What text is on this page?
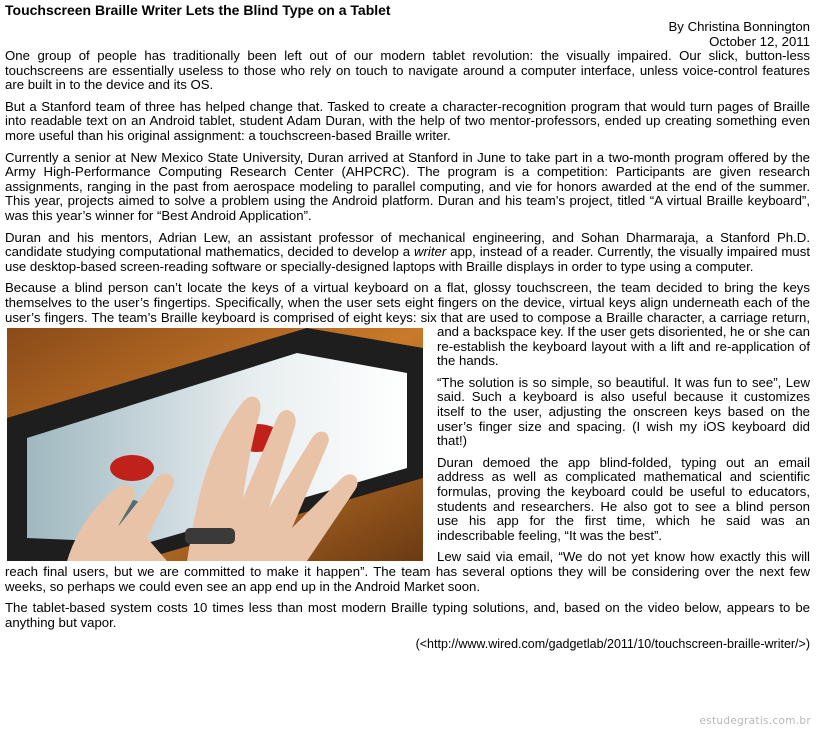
Touchscreen Braille Writer Lets the Blind Type on a Tablet
By Christina Bonnington
October 12, 2011

One group of people has traditionally been left out of our modern tablet revolution: the visually impaired. Our slick, button-less touchscreens are essentially useless to those who rely on touch to navigate around a computer interface, unless voice-control features are built in to the device and its OS.

But a Stanford team of three has helped change that. Tasked to create a character-recognition program that would turn pages of Braille into readable text on an Android tablet, student Adam Duran, with the help of two mentor-professors, ended up creating something even more useful than his original assignment: a touchscreen-based Braille writer.

Currently a senior at New Mexico State University, Duran arrived at Stanford in June to take part in a two-month program offered by the Army High-Performance Computing Research Center (AHPCRC). The program is a competition: Participants are given research assignments, ranging in the past from aerospace modeling to parallel computing, and vie for honors awarded at the end of the summer. This year, projects aimed to solve a problem using the Android platform. Duran and his team’s project, titled “A virtual Braille keyboard”, was this year’s winner for “Best Android Application”.

Duran and his mentors, Adrian Lew, an assistant professor of mechanical engineering, and Sohan Dharmaraja, a Stanford Ph.D. candidate studying computational mathematics, decided to develop a writer app, instead of a reader. Currently, the visually impaired must use desktop-based screen-reading software or specially-designed laptops with Braille displays in order to type using a computer.

Because a blind person can’t locate the keys of a virtual keyboard on a flat, glossy touchscreen, the team decided to bring the keys themselves to the user’s fingertips. Specifically, when the user sets eight fingers on the device, virtual keys align underneath each of the user’s fingers. The team’s Braille keyboard is comprised of eight keys:
six that are used to compose a Braille character, a carriage return, and a backspace key. If the user gets disoriented, he or she can re-establish the keyboard layout with a lift and re-application of the hands.

“The solution is so simple, so beautiful. It was fun to see”, Lew said. Such a keyboard is also useful because it customizes itself to the user, adjusting the onscreen keys based on the user’s finger size and spacing. (I wish my iOS keyboard did that!)

Duran demoed the app blind-folded, typing out an email address as well as complicated mathematical and scientific formulas, proving the keyboard could be useful to educators, students and researchers. He also got to see a blind person use his app for the first time, which he said was an indescribable feeling, “It was the best”.

Lew said via email, “We do not yet know how exactly this will reach final users, but we are committed to make it happen”. The team has several options they will be considering over the next few weeks, so perhaps we could even see an app end up in the Android Market soon.

The tablet-based system costs 10 times less than most modern Braille typing solutions, and, based on the video below, appears to be anything but vapor.

(<http://www.wired.com/gadgetlab/2011/10/touchscreen-braille-writer/>)
estudegratis.com.br
